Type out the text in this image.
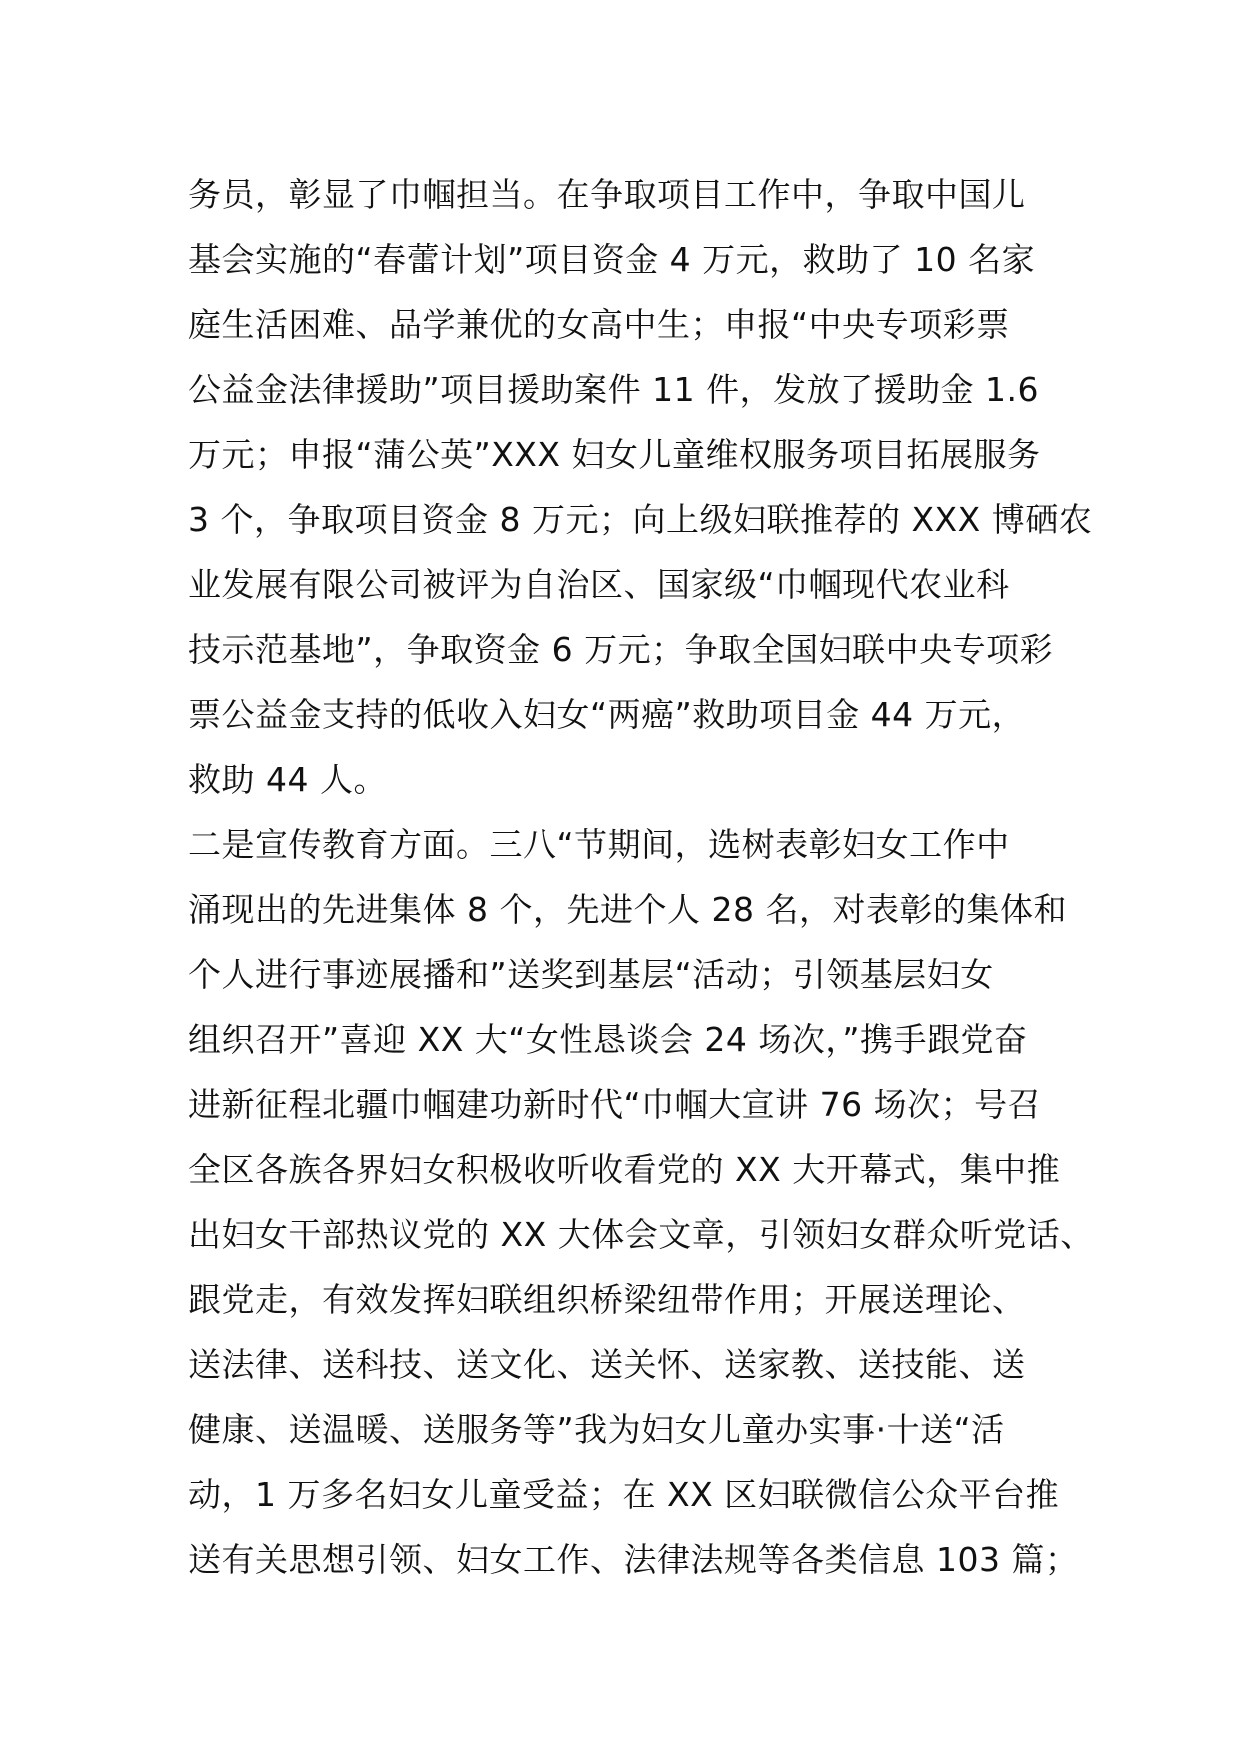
务员，彰显了巾帼担当。在争取项目工作中，争取中国儿
基会实施的“春蕾计划”项目资金 4 万元，救助了 10 名家
庭生活困难、品学兼优的女高中生；申报“中央专项彩票
公益金法律援助”项目援助案件 11 件，发放了援助金 1.6
万元；申报“蒲公英”XXX 妇女儿童维权服务项目拓展服务
3 个，争取项目资金 8 万元；向上级妇联推荐的 XXX 博硒农
业发展有限公司被评为自治区、国家级“巾帼现代农业科
技示范基地”，争取资金 6 万元；争取全国妇联中央专项彩
票公益金支持的低收入妇女“两癌”救助项目金 44 万元，
救助 44 人。
二是宣传教育方面。三八“节期间，选树表彰妇女工作中
涌现出的先进集体 8 个，先进个人 28 名，对表彰的集体和
个人进行事迹展播和”送奖到基层“活动；引领基层妇女
组织召开”喜迎 XX 大“女性恳谈会 24 场次，”携手跟党奋
进新征程北疆巾帼建功新时代“巾帼大宣讲 76 场次；号召
全区各族各界妇女积极收听收看党的 XX 大开幕式，集中推
出妇女干部热议党的 XX 大体会文章，引领妇女群众听党话、
跟党走，有效发挥妇联组织桥梁纽带作用；开展送理论、
送法律、送科技、送文化、送关怀、送家教、送技能、送
健康、送温暖、送服务等”我为妇女儿童办实事·十送“活
动，1 万多名妇女儿童受益；在 XX 区妇联微信公众平台推
送有关思想引领、妇女工作、法律法规等各类信息 103 篇；
